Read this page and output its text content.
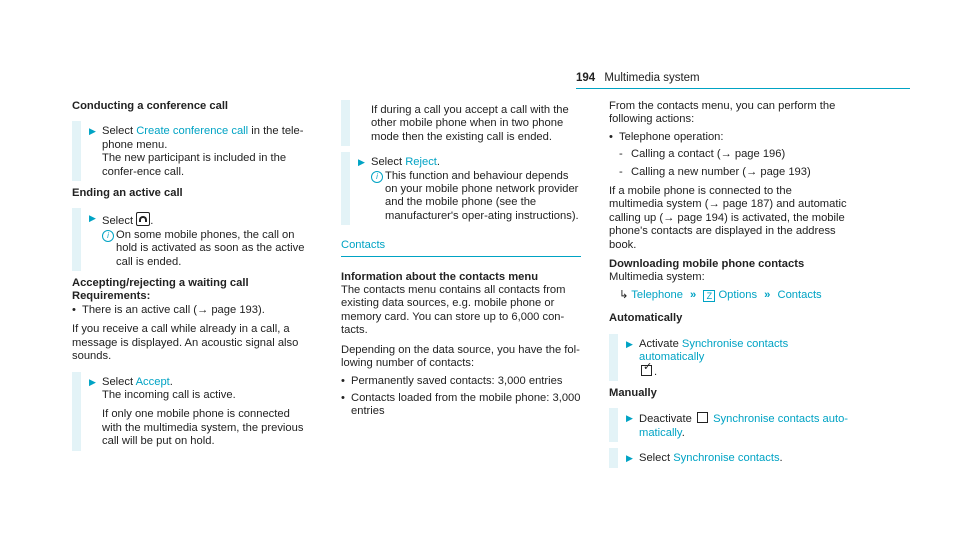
194 Multimedia system
Conducting a conference call
▶ Select Create conference call in the tele-phone menu.

The new participant is included in the confer-ence call.

Ending an active call
▶ Select .

i On some mobile phones, the call on hold is activated as soon as the active call is ended.

Accepting/rejecting a waiting call
Requirements:

• There is an active call (→ page 193).

If you receive a call while already in a call, a message is displayed. An acoustic signal also sounds.

▶ Select Accept.

The incoming call is active.

If only one mobile phone is connected with the multimedia system, the previous call will be put on hold.

If during a call you accept a call with the other mobile phone when in two phone mode then the existing call is ended.

▶ Select Reject.

i This function and behaviour depends on your mobile phone network provider and the mobile phone (see the manufacturer's oper-ating instructions).

Contacts

Information about the contacts menu

The contacts menu contains all contacts from existing data sources, e.g. mobile phone or memory card. You can store up to 6,000 con-tacts.

Depending on the data source, you have the fol-lowing number of contacts:

• Permanently saved contacts: 3,000 entries

• Contacts loaded from the mobile phone: 3,000 entries

From the contacts menu, you can perform the following actions:

• Telephone operation:

- Calling a contact (→ page 196)

- Calling a new number (→ page 193)

If a mobile phone is connected to the multimedia system (→ page 187) and automatic calling up (→ page 194) is activated, the mobile phone's contacts are displayed in the address book.

Downloading mobile phone contacts

Multimedia system:

↳ Telephone » Z Options » Contacts

Automatically
▶ Activate Synchronise contacts automatically

✓.

Manually
▶ Deactivate Synchronise contacts auto-matically.

▶ Select Synchronise contacts.
